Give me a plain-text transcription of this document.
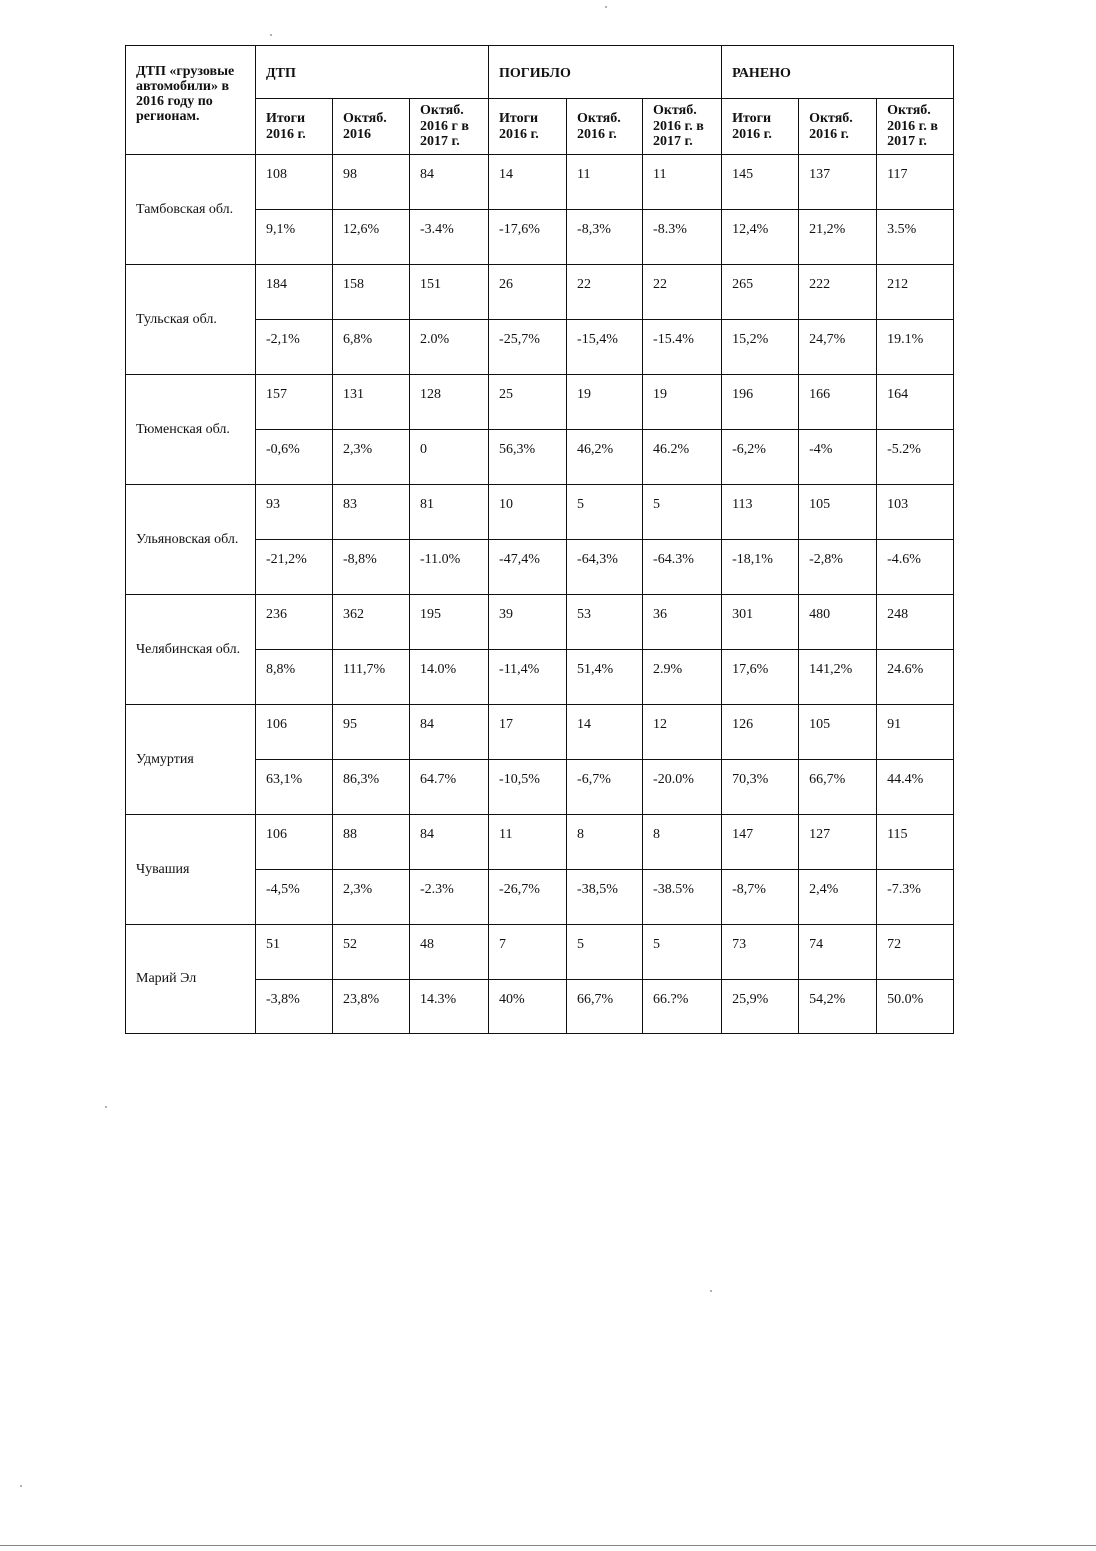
ДТП «грузовые автомобили» в 2016 году по регионам.	ДТП			ПОГИБЛО			РАНЕНО		
	Итоги 2016 г.	Октяб. 2016	Октяб. 2016 г в 2017 г.	Итоги 2016 г.	Октяб. 2016 г.	Октяб. 2016 г. в 2017 г.	Итоги 2016 г.	Октяб. 2016 г.	Октяб. 2016 г. в 2017 г.
Тамбовская обл.	108	98	84	14	11	11	145	137	117
	9,1%	12,6%	-3.4%	-17,6%	-8,3%	-8.3%	12,4%	21,2%	3.5%
Тульская обл.	184	158	151	26	22	22	265	222	212
	-2,1%	6,8%	2.0%	-25,7%	-15,4%	-15.4%	15,2%	24,7%	19.1%
Тюменская обл.	157	131	128	25	19	19	196	166	164
	-0,6%	2,3%	0	56,3%	46,2%	46.2%	-6,2%	-4%	-5.2%
Ульяновская обл.	93	83	81	10	5	5	113	105	103
	-21,2%	-8,8%	-11.0%	-47,4%	-64,3%	-64.3%	-18,1%	-2,8%	-4.6%
Челябинская обл.	236	362	195	39	53	36	301	480	248
	8,8%	111,7%	14.0%	-11,4%	51,4%	2.9%	17,6%	141,2%	24.6%
Удмуртия	106	95	84	17	14	12	126	105	91
	63,1%	86,3%	64.7%	-10,5%	-6,7%	-20.0%	70,3%	66,7%	44.4%
Чувашия	106	88	84	11	8	8	147	127	115
	-4,5%	2,3%	-2.3%	-26,7%	-38,5%	-38.5%	-8,7%	2,4%	-7.3%
Марий Эл	51	52	48	7	5	5	73	74	72
	-3,8%	23,8%	14.3%	40%	66,7%	66.?%	25,9%	54,2%	50.0%
